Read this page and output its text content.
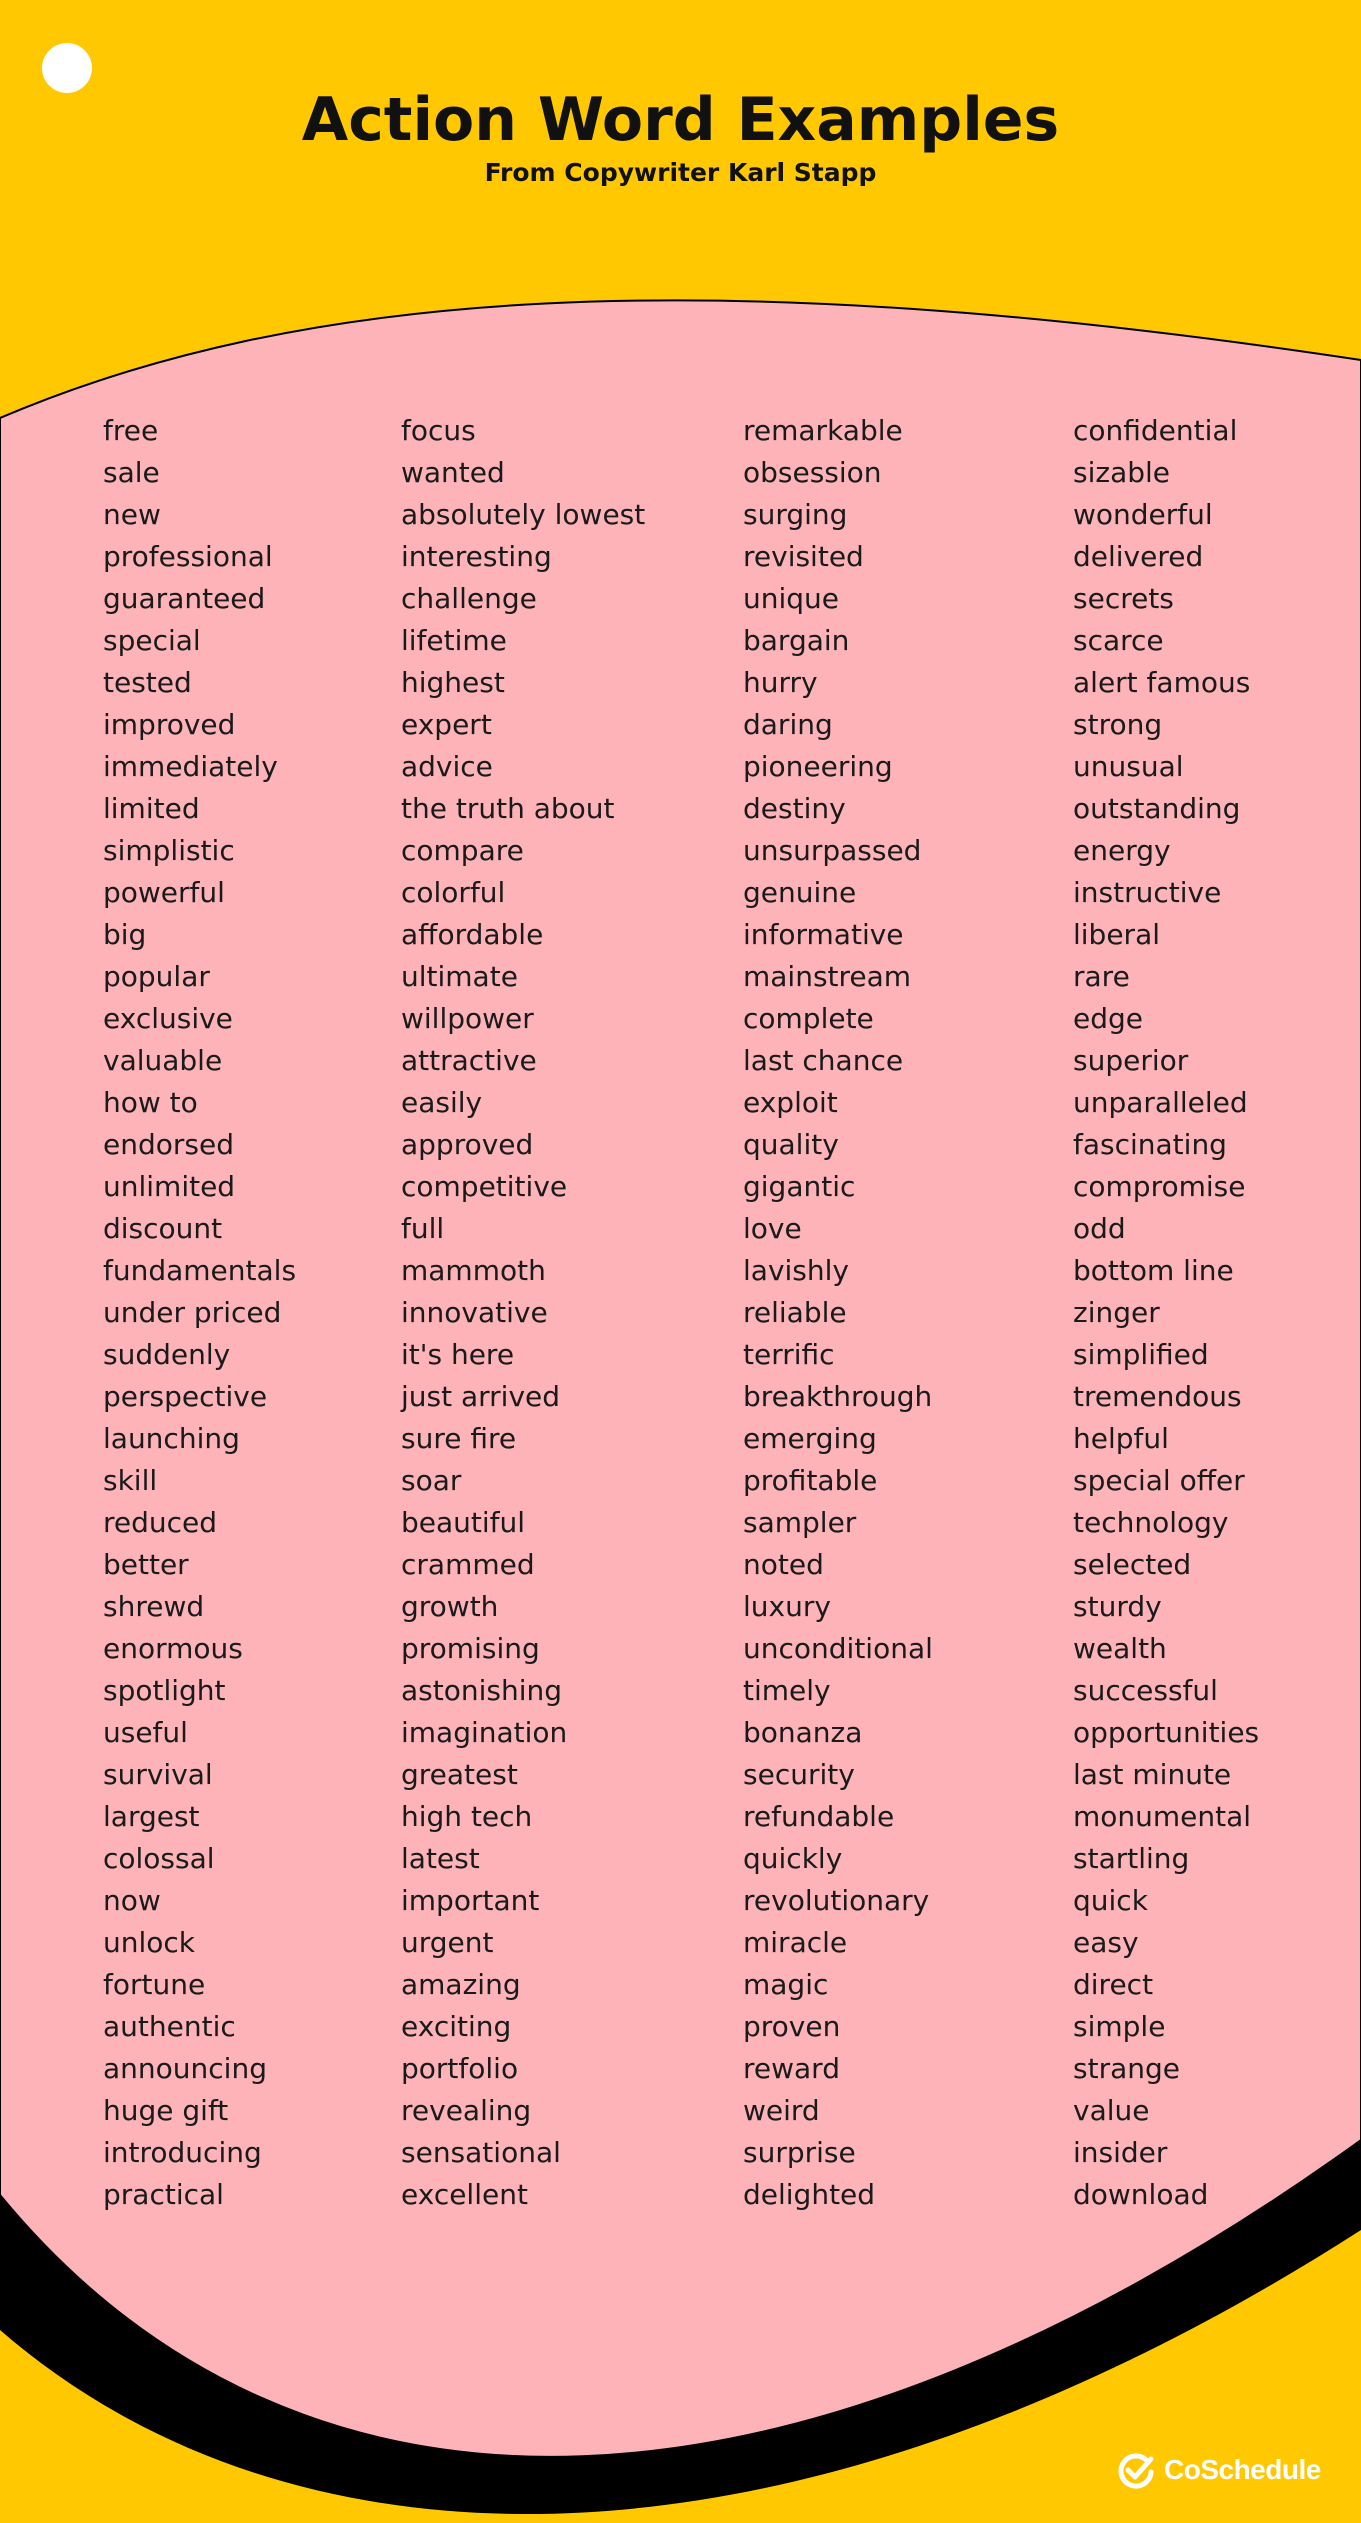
Action Word Examples
From Copywriter Karl Stapp
free
sale
new
professional
guaranteed
special
tested
improved
immediately
limited
simplistic
powerful
big
popular
exclusive
valuable
how to
endorsed
unlimited
discount
fundamentals
under priced
suddenly
perspective
launching
skill
reduced
better
shrewd
enormous
spotlight
useful
survival
largest
colossal
now
unlock
fortune
authentic
announcing
huge gift
introducing
practical
focus
wanted
absolutely lowest
interesting
challenge
lifetime
highest
expert
advice
the truth about
compare
colorful
affordable
ultimate
willpower
attractive
easily
approved
competitive
full
mammoth
innovative
it's here
just arrived
sure fire
soar
beautiful
crammed
growth
promising
astonishing
imagination
greatest
high tech
latest
important
urgent
amazing
exciting
portfolio
revealing
sensational
excellent
remarkable
obsession
surging
revisited
unique
bargain
hurry
daring
pioneering
destiny
unsurpassed
genuine
informative
mainstream
complete
last chance
exploit
quality
gigantic
love
lavishly
reliable
terrific
breakthrough
emerging
profitable
sampler
noted
luxury
unconditional
timely
bonanza
security
refundable
quickly
revolutionary
miracle
magic
proven
reward
weird
surprise
delighted
confidential
sizable
wonderful
delivered
secrets
scarce
alert famous
strong
unusual
outstanding
energy
instructive
liberal
rare
edge
superior
unparalleled
fascinating
compromise
odd
bottom line
zinger
simplified
tremendous
helpful
special offer
technology
selected
sturdy
wealth
successful
opportunities
last minute
monumental
startling
quick
easy
direct
simple
strange
value
insider
download
CoSchedule
